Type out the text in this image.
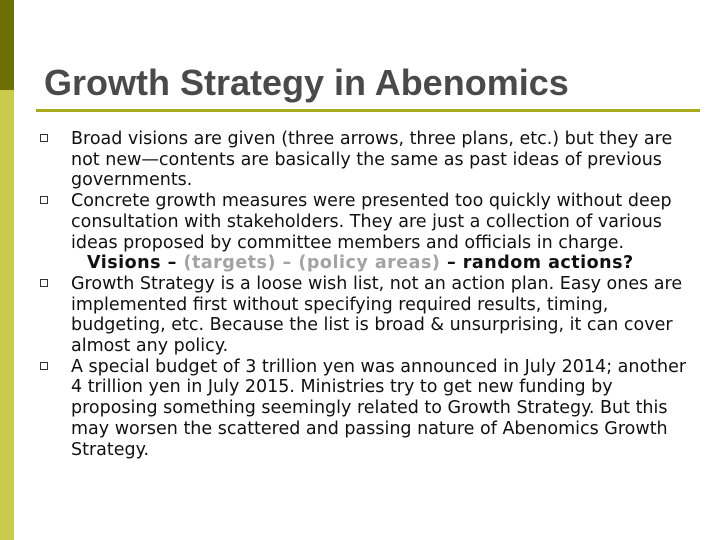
Growth Strategy in Abenomics
Broad visions are given (three arrows, three plans, etc.) but they are not new—contents are basically the same as past ideas of previous governments.
Concrete growth measures were presented too quickly without deep consultation with stakeholders. They are just a collection of various ideas proposed by committee members and officials in charge.
Visions – (targets) – (policy areas) – random actions?
Growth Strategy is a loose wish list, not an action plan. Easy ones are implemented first without specifying required results, timing, budgeting, etc. Because the list is broad & unsurprising, it can cover almost any policy.
A special budget of 3 trillion yen was announced in July 2014; another 4 trillion yen in July 2015. Ministries try to get new funding by proposing something seemingly related to Growth Strategy. But this may worsen the scattered and passing nature of Abenomics Growth Strategy.
